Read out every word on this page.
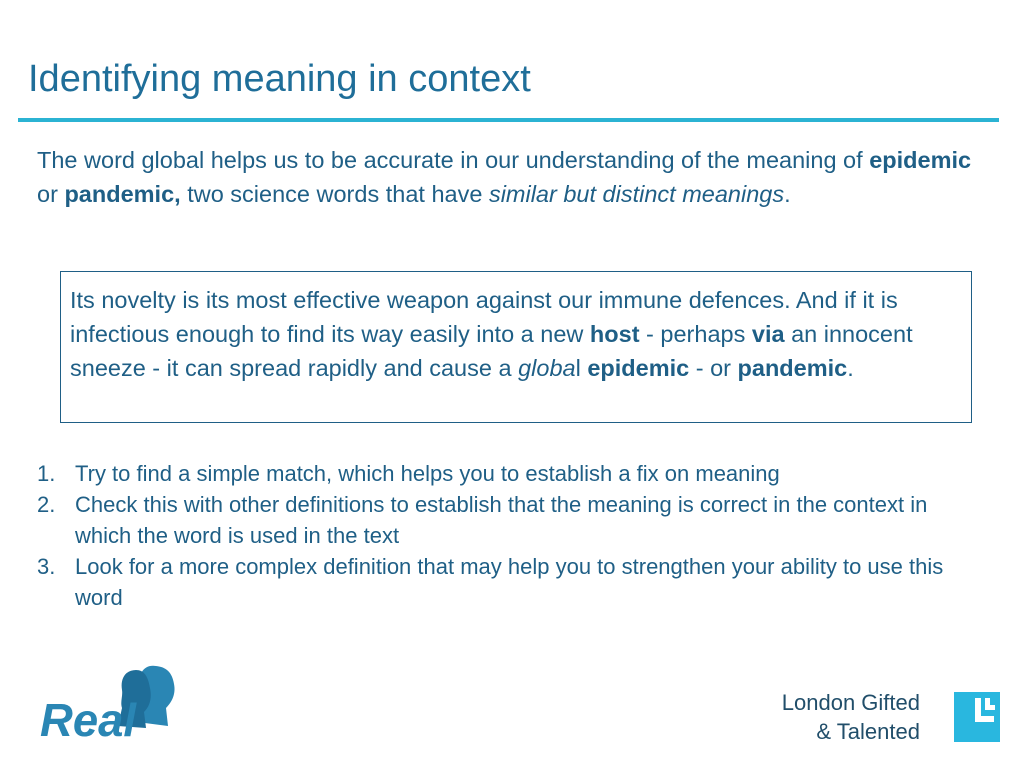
Identifying meaning in context
The word global helps us to be accurate in our understanding of the meaning of epidemic or pandemic, two science words that have similar but distinct meanings.
Its novelty is its most effective weapon against our immune defences. And if it is infectious enough to find its way easily into a new host - perhaps via an innocent sneeze - it can spread rapidly and cause a global epidemic - or pandemic.
1. Try to find a simple match, which helps you to establish a fix on meaning
2. Check this with other definitions to establish that the meaning is correct in the context in which the word is used in the text
3. Look for a more complex definition that may help you to strengthen your ability to use this word
Real	London Gifted
& Talented
